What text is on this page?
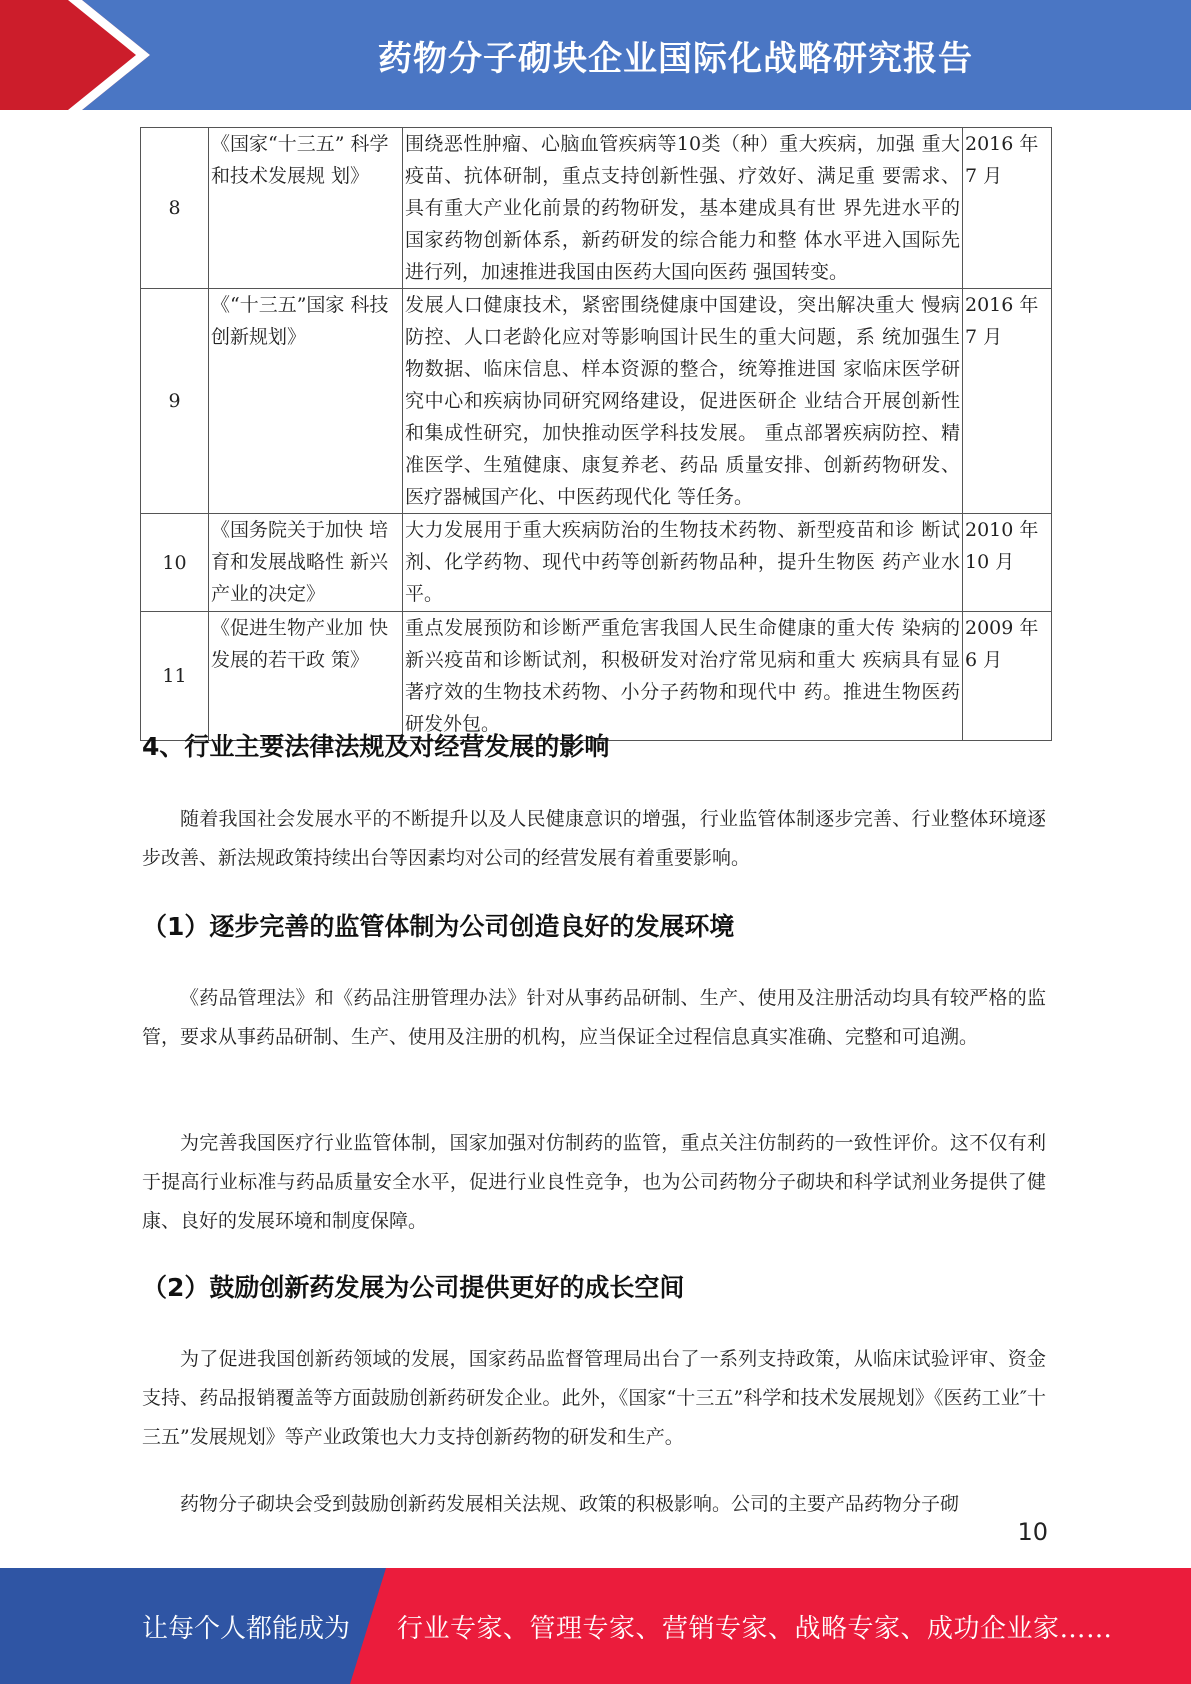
药物分子砌块企业国际化战略研究报告
8	《国家“十三五” 科学和技术发展规 划》	围绕恶性肿瘤、心脑血管疾病等10类（种）重大疾病，加强 重大疫苗、抗体研制，重点支持创新性强、疗效好、满足重 要需求、具有重大产业化前景的药物研发，基本建成具有世 界先进水平的国家药物创新体系，新药研发的综合能力和整 体水平进入国际先进行列，加速推进我国由医药大国向医药 强国转变。	2016 年 7 月
9	《“十三五”国家 科技创新规划》	发展人口健康技术，紧密围绕健康中国建设，突出解决重大 慢病防控、人口老龄化应对等影响国计民生的重大问题，系 统加强生物数据、临床信息、样本资源的整合，统筹推进国 家临床医学研究中心和疾病协同研究网络建设，促进医研企 业结合开展创新性和集成性研究，加快推动医学科技发展。 重点部署疾病防控、精准医学、生殖健康、康复养老、药品 质量安排、创新药物研发、医疗器械国产化、中医药现代化 等任务。	2016 年 7 月
10	《国务院关于加快 培育和发展战略性 新兴产业的决定》	大力发展用于重大疾病防治的生物技术药物、新型疫苗和诊 断试剂、化学药物、现代中药等创新药物品种，提升生物医 药产业水平。	2010 年 10 月
11	《促进生物产业加 快发展的若干政 策》	重点发展预防和诊断严重危害我国人民生命健康的重大传 染病的新兴疫苗和诊断试剂，积极研发对治疗常见病和重大 疾病具有显著疗效的生物技术药物、小分子药物和现代中 药。推进生物医药研发外包。	2009 年 6 月
4、行业主要法律法规及对经营发展的影响
随着我国社会发展水平的不断提升以及人民健康意识的增强，行业监管体制逐步完善、行业整体环境逐步改善、新法规政策持续出台等因素均对公司的经营发展有着重要影响。
（1）逐步完善的监管体制为公司创造良好的发展环境
《药品管理法》和《药品注册管理办法》针对从事药品研制、生产、使用及注册活动均具有较严格的监管，要求从事药品研制、生产、使用及注册的机构，应当保证全过程信息真实准确、完整和可追溯。
为完善我国医疗行业监管体制，国家加强对仿制药的监管，重点关注仿制药的一致性评价。这不仅有利于提高行业标准与药品质量安全水平，促进行业良性竞争，也为公司药物分子砌块和科学试剂业务提供了健康、良好的发展环境和制度保障。
（2）鼓励创新药发展为公司提供更好的成长空间
为了促进我国创新药领域的发展，国家药品监督管理局出台了一系列支持政策，从临床试验评审、资金支持、药品报销覆盖等方面鼓励创新药研发企业。此外，《国家“十三五”科学和技术发展规划》《医药工业″十三五”发展规划》等产业政策也大力支持创新药物的研发和生产。
药物分子砌块会受到鼓励创新药发展相关法规、政策的积极影响。公司的主要产品药物分子砌
10
让每个人都能成为 行业专家、管理专家、营销专家、战略专家、成功企业家……
